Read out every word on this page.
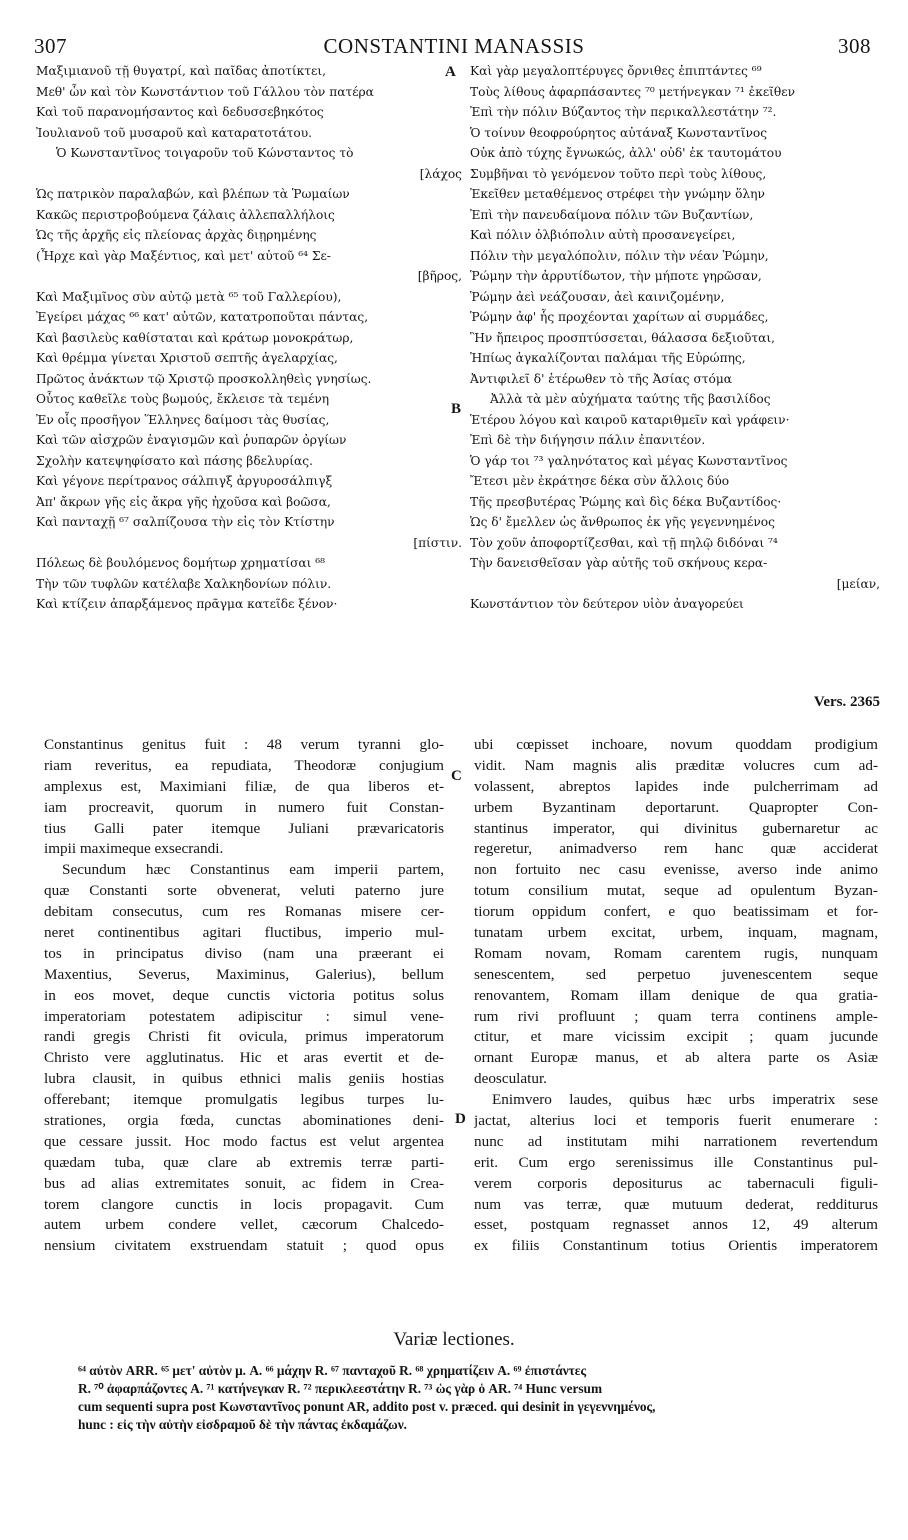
307	CONSTANTINI MANASSIS	308
Μαξιμιανοῦ τῇ θυγατρί, καὶ παῖδας ἀποτίκτει,
Μεθ' ὧν καὶ τὸν Κωνστάντιον τοῦ Γάλλου τὸν πατέρα
Καὶ τοῦ παρανομήσαντος καὶ δεδυσσεβηκότος
Ἰουλιανοῦ τοῦ μυσαροῦ καὶ καταρατοτάτου.
Ὁ Κωνσταντῖνος τοιγαροῦν τοῦ Κώνσταντος τὸ
[λάχος
Ὡς πατρικὸν παραλαβών, καὶ βλέπων τὰ Ῥωμαίων
Κακῶς περιστροβούμενα ζάλαις ἀλλεπαλλήλοις
Ὡς τῆς ἀρχῆς εἰς πλείονας ἀρχὰς διῃρημένης
(Ἦρχε καὶ γὰρ Μαξέντιος, καὶ μετ' αὐτοῦ ⁶⁴ Σε-
[βῆρος,
Καὶ Μαξιμῖνος σὺν αὐτῷ μετὰ ⁶⁵ τοῦ Γαλλερίου),
Ἐγείρει μάχας ⁶⁶ κατ' αὐτῶν, κατατροποῦται πάντας,
Καὶ βασιλεὺς καθίσταται καὶ κράτωρ μονοκράτωρ,
Καὶ θρέμμα γίνεται Χριστοῦ σεπτῆς ἀγελαρχίας,
Πρῶτος ἀνάκτων τῷ Χριστῷ προσκολληθεὶς γνησίως.
Οὗτος καθεῖλε τοὺς βωμούς, ἔκλεισε τὰ τεμένη
Ἐν οἷς προσῆγον Ἕλληνες δαίμοσι τὰς θυσίας,
Καὶ τῶν αἰσχρῶν ἐναγισμῶν καὶ ῥυπαρῶν ὀργίων
Σχολὴν κατεψηφίσατο καὶ πάσης βδελυρίας.
Καὶ γέγονε περίτρανος σάλπιγξ ἀργυροσάλπιγξ
Ἀπ' ἄκρων γῆς εἰς ἄκρα γῆς ἠχοῦσα καὶ βοῶσα,
Καὶ πανταχῇ ⁶⁷ σαλπίζουσα τὴν εἰς τὸν Κτίστην
[πίστιν.
Πόλεως δὲ βουλόμενος δομήτωρ χρηματίσαι ⁶⁸
Τὴν τῶν τυφλῶν κατέλαβε Χαλκηδονίων πόλιν.
Καὶ κτίζειν ἀπαρξάμενος πρᾶγμα κατεῖδε ξένον·
Καὶ γὰρ μεγαλοπτέρυγες ὄρνιθες ἐπιπτάντες ⁶⁹
Τοὺς λίθους ἀφαρπάσαντες ⁷⁰ μετήνεγκαν ⁷¹ ἐκεῖθεν
Ἐπὶ τὴν πόλιν Βύζαντος τὴν περικαλλεστάτην ⁷².
Ὁ τοίνυν θεοφρούρητος αὐτάναξ Κωνσταντῖνος
Οὐκ ἀπὸ τύχης ἔγνωκώς, ἀλλ' οὐδ' ἐκ ταυτομάτου
Συμβῆναι τὸ γενόμενον τοῦτο περὶ τοὺς λίθους,
Ἐκεῖθεν μεταθέμενος στρέφει τὴν γνώμην ὅλην
Ἐπὶ τὴν πανευδαίμονα πόλιν τῶν Βυζαντίων,
Καὶ πόλιν ὀλβιόπολιν αὐτὴ προσανεγείρει,
Πόλιν τὴν μεγαλόπολιν, πόλιν τὴν νέαν Ῥώμην,
Ῥώμην τὴν ἀρρυτίδωτον, τὴν μήποτε γηρῶσαν,
Ῥώμην ἀεὶ νεάζουσαν, ἀεὶ καινιζομένην,
Ῥώμην ἀφ' ἧς προχέονται χαρίτων αἱ συρμάδες,
Ἣν ἤπειρος προσπτύσσεται, θάλασσα δεξιοῦται,
Ἠπίως ἀγκαλίζονται παλάμαι τῆς Εὐρώπης,
Ἀντιφιλεῖ δ' ἑτέρωθεν τὸ τῆς Ἀσίας στόμα
Ἀλλὰ τὰ μὲν αὐχήματα ταύτης τῆς βασιλίδος
Ἑτέρου λόγου καὶ καιροῦ καταριθμεῖν καὶ γράφειν·
Ἐπὶ δὲ τὴν διήγησιν πάλιν ἐπανιτέον.
Ὁ γάρ τοι ⁷³ γαληνότατος καὶ μέγας Κωνσταντῖνος
Ἔτεσι μὲν ἐκράτησε δέκα σὺν ἄλλοις δύο
Τῆς πρεσβυτέρας Ῥώμης καὶ δὶς δέκα Βυζαντίδος·
Ὡς δ' ἔμελλεν ὡς ἄνθρωπος ἐκ γῆς γεγεννημένος
Τὸν χοῦν ἀποφορτίζεσθαι, καὶ τῇ πηλῷ διδόναι ⁷⁴
Τὴν δανεισθεῖσαν γὰρ αὐτῆς τοῦ σκήνους κερα-
[μείαν,
Κωνστάντιον τὸν δεύτερον υἱὸν ἀναγορεύει
Vers. 2365
A
B
C
D
Constantinus genitus fuit : 48 verum tyranni glo-
riam reveritus, ea repudiata, Theodoræ conjugium
amplexus est, Maximiani filiæ, de qua liberos et-
iam procreavit, quorum in numero fuit Constan-
tius Galli pater itemque Juliani prævaricatoris
impii maximeque exsecrandi.
Secundum hæc Constantinus eam imperii partem,
quæ Constanti sorte obvenerat, veluti paterno jure
debitam consecutus, cum res Romanas misere cer-
neret continentibus agitari fluctibus, imperio mul-
tos in principatus diviso (nam una præerant ei
Maxentius, Severus, Maximinus, Galerius), bellum
in eos movet, deque cunctis victoria potitus solus
imperatoriam potestatem adipiscitur : simul vene-
randi gregis Christi fit ovicula, primus imperatorum
Christo vere agglutinatus. Hic et aras evertit et de-
lubra clausit, in quibus ethnici malis geniis hostias
offerebant; itemque promulgatis legibus turpes lu-
strationes, orgia fœda, cunctas abominationes deni-
que cessare jussit. Hoc modo factus est velut argentea
quædam tuba, quæ clare ab extremis terræ parti-
bus ad alias extremitates sonuit, ac fidem in Crea-
torem clangore cunctis in locis propagavit. Cum
autem urbem condere vellet, cæcorum Chalcedo-
nensium civitatem exstruendam statuit ; quod opus
ubi cœpisset inchoare, novum quoddam prodigium
vidit. Nam magnis alis præditæ volucres cum ad-
volassent, abreptos lapides inde pulcherrimam ad
urbem Byzantinam deportarunt. Quapropter Con-
stantinus imperator, qui divinitus gubernaretur ac
regeretur, animadverso rem hanc quæ acciderat
non fortuito nec casu evenisse, averso inde animo
totum consilium mutat, seque ad opulentum Byzan-
tiorum oppidum confert, e quo beatissimam et for-
tunatam urbem excitat, urbem, inquam, magnam,
Romam novam, Romam carentem rugis, nunquam
senescentem, sed perpetuo juvenescentem seque
renovantem, Romam illam denique de qua gratia-
rum rivi profluunt ; quam terra continens ample-
ctitur, et mare vicissim excipit ; quam jucunde
ornant Europæ manus, et ab altera parte os Asiæ
deosculatur.
Enimvero laudes, quibus hæc urbs imperatrix sese
jactat, alterius loci et temporis fuerit enumerare :
nunc ad institutam mihi narrationem revertendum
erit. Cum ergo serenissimus ille Constantinus pul-
verem corporis depositurus ac tabernaculi figuli-
num vas terræ, quæ mutuum dederat, redditurus
esset, postquam regnasset annos 12, 49 alterum
ex filiis Constantinum totius Orientis imperatorem
Variæ lectiones.
⁶⁴ αὐτὸν ARR. ⁶⁵ μετ' αὐτὸν μ. A. ⁶⁶ μάχην R. ⁶⁷ πανταχοῦ R. ⁶⁸ χρηματίζειν A. ⁶⁹ ἐπιστάντες
R. ⁷⁰ ἀφαρπάζοντες A. ⁷¹ κατήνεγκαν R. ⁷² περικλεεστάτην R. ⁷³ ὡς γὰρ ὁ AR. ⁷⁴ Hunc versum
cum sequenti supra post Κωνσταντῖνος ponunt AR, addito post v. præced. qui desinit in γεγεννημένος,
hunc : εἰς τὴν αὐτὴν εἰσδραμοῦ δὲ τὴν πάντας ἐκδαμάζων.
